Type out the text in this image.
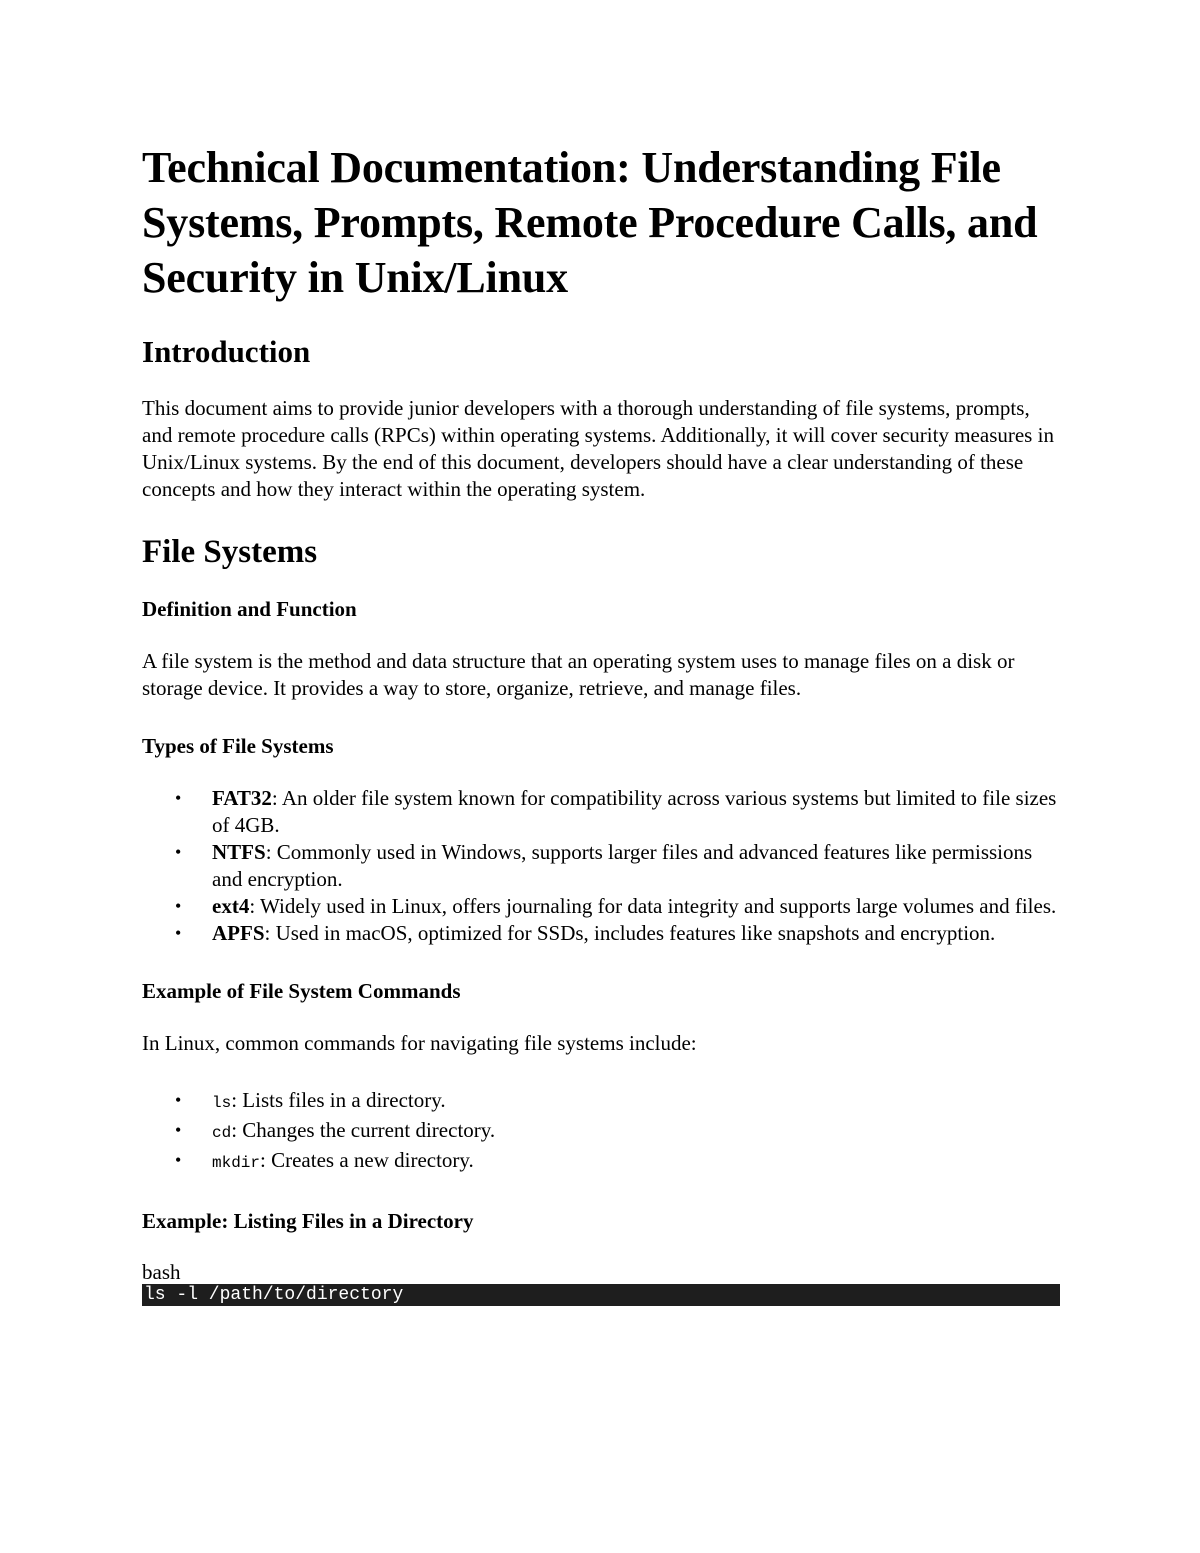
Technical Documentation: Understanding File Systems, Prompts, Remote Procedure Calls, and Security in Unix/Linux
Introduction

This document aims to provide junior developers with a thorough understanding of file systems, prompts, and remote procedure calls (RPCs) within operating systems. Additionally, it will cover security measures in Unix/Linux systems. By the end of this document, developers should have a clear understanding of these concepts and how they interact within the operating system.

File Systems
Definition and Function

A file system is the method and data structure that an operating system uses to manage files on a disk or storage device. It provides a way to store, organize, retrieve, and manage files.

Types of File Systems
• FAT32: An older file system known for compatibility across various systems but limited to file sizes of 4GB.
• NTFS: Commonly used in Windows, supports larger files and advanced features like permissions and encryption.
• ext4: Widely used in Linux, offers journaling for data integrity and supports large volumes and files.
• APFS: Used in macOS, optimized for SSDs, includes features like snapshots and encryption.
Example of File System Commands

In Linux, common commands for navigating file systems include:

• ls: Lists files in a directory.
• cd: Changes the current directory.
• mkdir: Creates a new directory.
Example: Listing Files in a Directory
bash
ls -l /path/to/directory
